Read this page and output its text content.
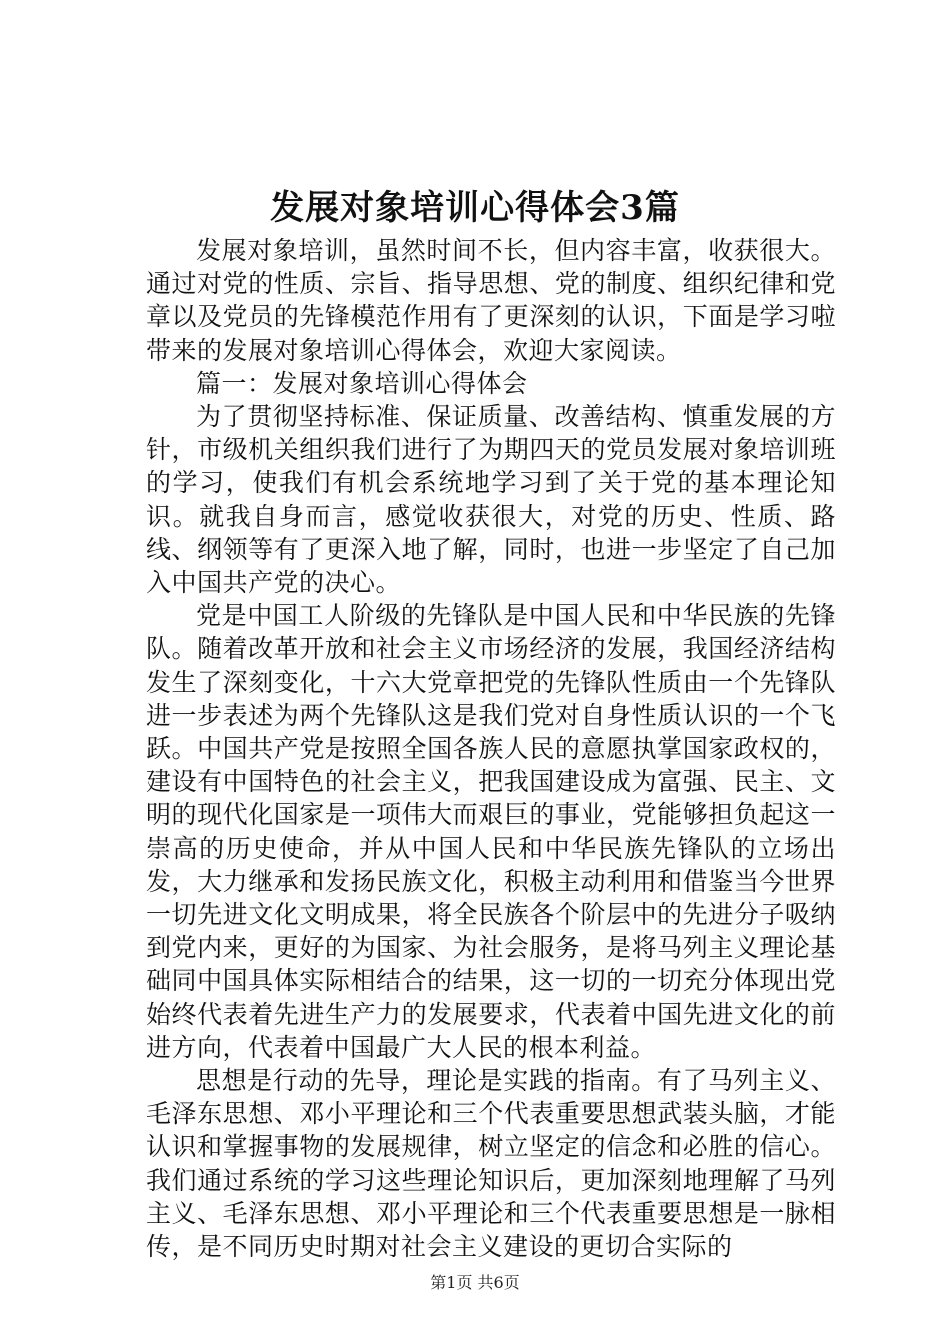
发展对象培训心得体会3篇

发展对象培训，虽然时间不长，但内容丰富，收获很大。通过对党的性质、宗旨、指导思想、党的制度、组织纪律和党章以及党员的先锋模范作用有了更深刻的认识，下面是学习啦带来的发展对象培训心得体会，欢迎大家阅读。

篇一：发展对象培训心得体会

为了贯彻坚持标准、保证质量、改善结构、慎重发展的方针，市级机关组织我们进行了为期四天的党员发展对象培训班的学习，使我们有机会系统地学习到了关于党的基本理论知识。就我自身而言，感觉收获很大，对党的历史、性质、路线、纲领等有了更深入地了解，同时，也进一步坚定了自己加入中国共产党的决心。

党是中国工人阶级的先锋队是中国人民和中华民族的先锋队。随着改革开放和社会主义市场经济的发展，我国经济结构发生了深刻变化，十六大党章把党的先锋队性质由一个先锋队进一步表述为两个先锋队这是我们党对自身性质认识的一个飞跃。中国共产党是按照全国各族人民的意愿执掌国家政权的，建设有中国特色的社会主义，把我国建设成为富强、民主、文明的现代化国家是一项伟大而艰巨的事业，党能够担负起这一崇高的历史使命，并从中国人民和中华民族先锋队的立场出发，大力继承和发扬民族文化，积极主动利用和借鉴当今世界一切先进文化文明成果，将全民族各个阶层中的先进分子吸纳到党内来，更好的为国家、为社会服务，是将马列主义理论基础同中国具体实际相结合的结果，这一切的一切充分体现出党始终代表着先进生产力的发展要求，代表着中国先进文化的前进方向，代表着中国最广大人民的根本利益。

思想是行动的先导，理论是实践的指南。有了马列主义、毛泽东思想、邓小平理论和三个代表重要思想武装头脑，才能认识和掌握事物的发展规律，树立坚定的信念和必胜的信心。我们通过系统的学习这些理论知识后，更加深刻地理解了马列主义、毛泽东思想、邓小平理论和三个代表重要思想是一脉相传，是不同历史时期对社会主义建设的更切合实际的

第1页 共6页
